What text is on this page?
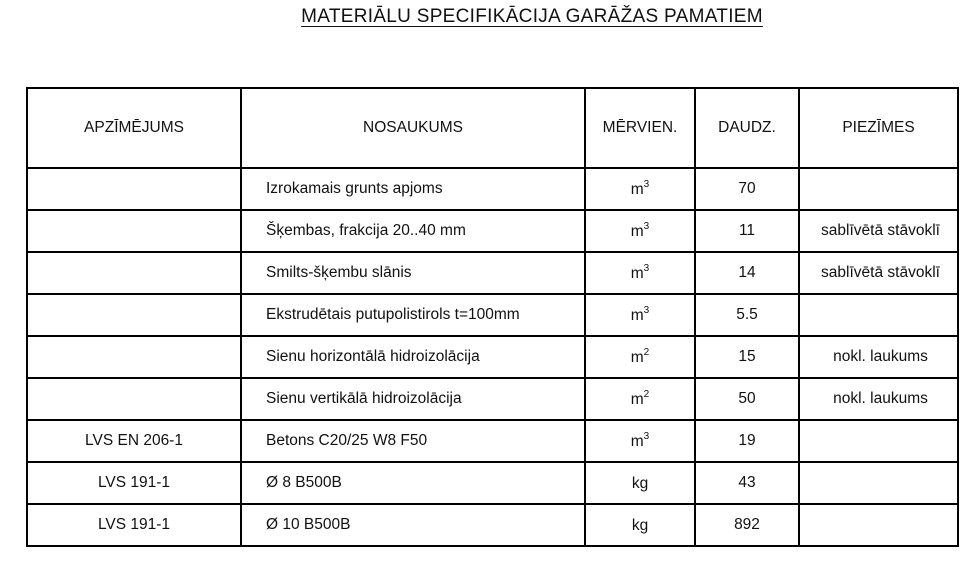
MATERIĀLU SPECIFIKĀCIJA GARĀŽAS PAMATIEM
APZĪMĒJUMS	NOSAUKUMS	MĒRVIEN.	DAUDZ.	PIEZĪMES
	Izrokamais grunts apjoms	$m^3$	70	
	Šķembas, frakcija 20..40 mm	$m^3$	11	sablīvētā stāvoklī
	Smilts-šķembu slānis	$m^3$	14	sablīvētā stāvoklī
	Ekstrudētais putupolistirols t=100mm	$m^3$	5.5	
	Sienu horizontālā hidroizolācija	$m^2$	15	nokl. laukums
	Sienu vertikālā hidroizolācija	$m^2$	50	nokl. laukums
LVS EN 206-1	Betons C20/25 W8 F50	$m^3$	19	
LVS 191-1	Ø 8 B500B	kg	43	
LVS 191-1	Ø 10 B500B	kg	892	
